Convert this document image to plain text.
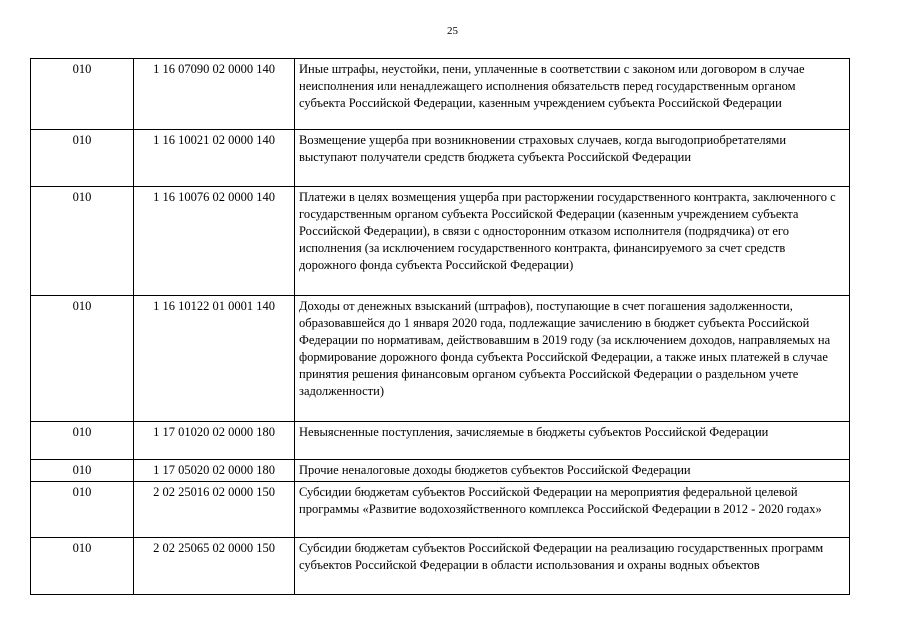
25
010	1 16 07090 02 0000 140	Иные штрафы, неустойки, пени, уплаченные в соответствии с законом или договором в случае неисполнения или ненадлежащего исполнения обязательств перед государственным органом субъекта Российской Федерации, казенным учреждением субъекта Российской Федерации
010	1 16 10021 02 0000 140	Возмещение ущерба при возникновении страховых случаев, когда выгодоприобретателями выступают получатели средств бюджета субъекта Российской Федерации
010	1 16 10076 02 0000 140	Платежи в целях возмещения ущерба при расторжении государственного контракта, заключенного с государственным органом субъекта Российской Федерации (казенным учреждением субъекта Российской Федерации), в связи с односторонним отказом исполнителя (подрядчика) от его исполнения (за исключением государственного контракта, финансируемого за счет средств дорожного фонда субъекта Российской Федерации)
010	1 16 10122 01 0001 140	Доходы от денежных взысканий (штрафов), поступающие в счет погашения задолженности, образовавшейся до 1 января 2020 года, подлежащие зачислению в бюджет субъекта Российской Федерации по нормативам, действовавшим в 2019 году (за исключением доходов, направляемых на формирование дорожного фонда субъекта Российской Федерации, а также иных платежей в случае принятия решения финансовым органом субъекта Российской Федерации о раздельном учете задолженности)
010	1 17 01020 02 0000 180	Невыясненные поступления, зачисляемые в бюджеты субъектов Российской Федерации
010	1 17 05020 02 0000 180	Прочие неналоговые доходы бюджетов субъектов Российской Федерации
010	2 02 25016 02 0000 150	Субсидии бюджетам субъектов Российской Федерации на мероприятия федеральной целевой программы «Развитие водохозяйственного комплекса Российской Федерации в 2012 - 2020 годах»
010	2 02 25065 02 0000 150	Субсидии бюджетам субъектов Российской Федерации на реализацию государственных программ субъектов Российской Федерации в области использования и охраны водных объектов
